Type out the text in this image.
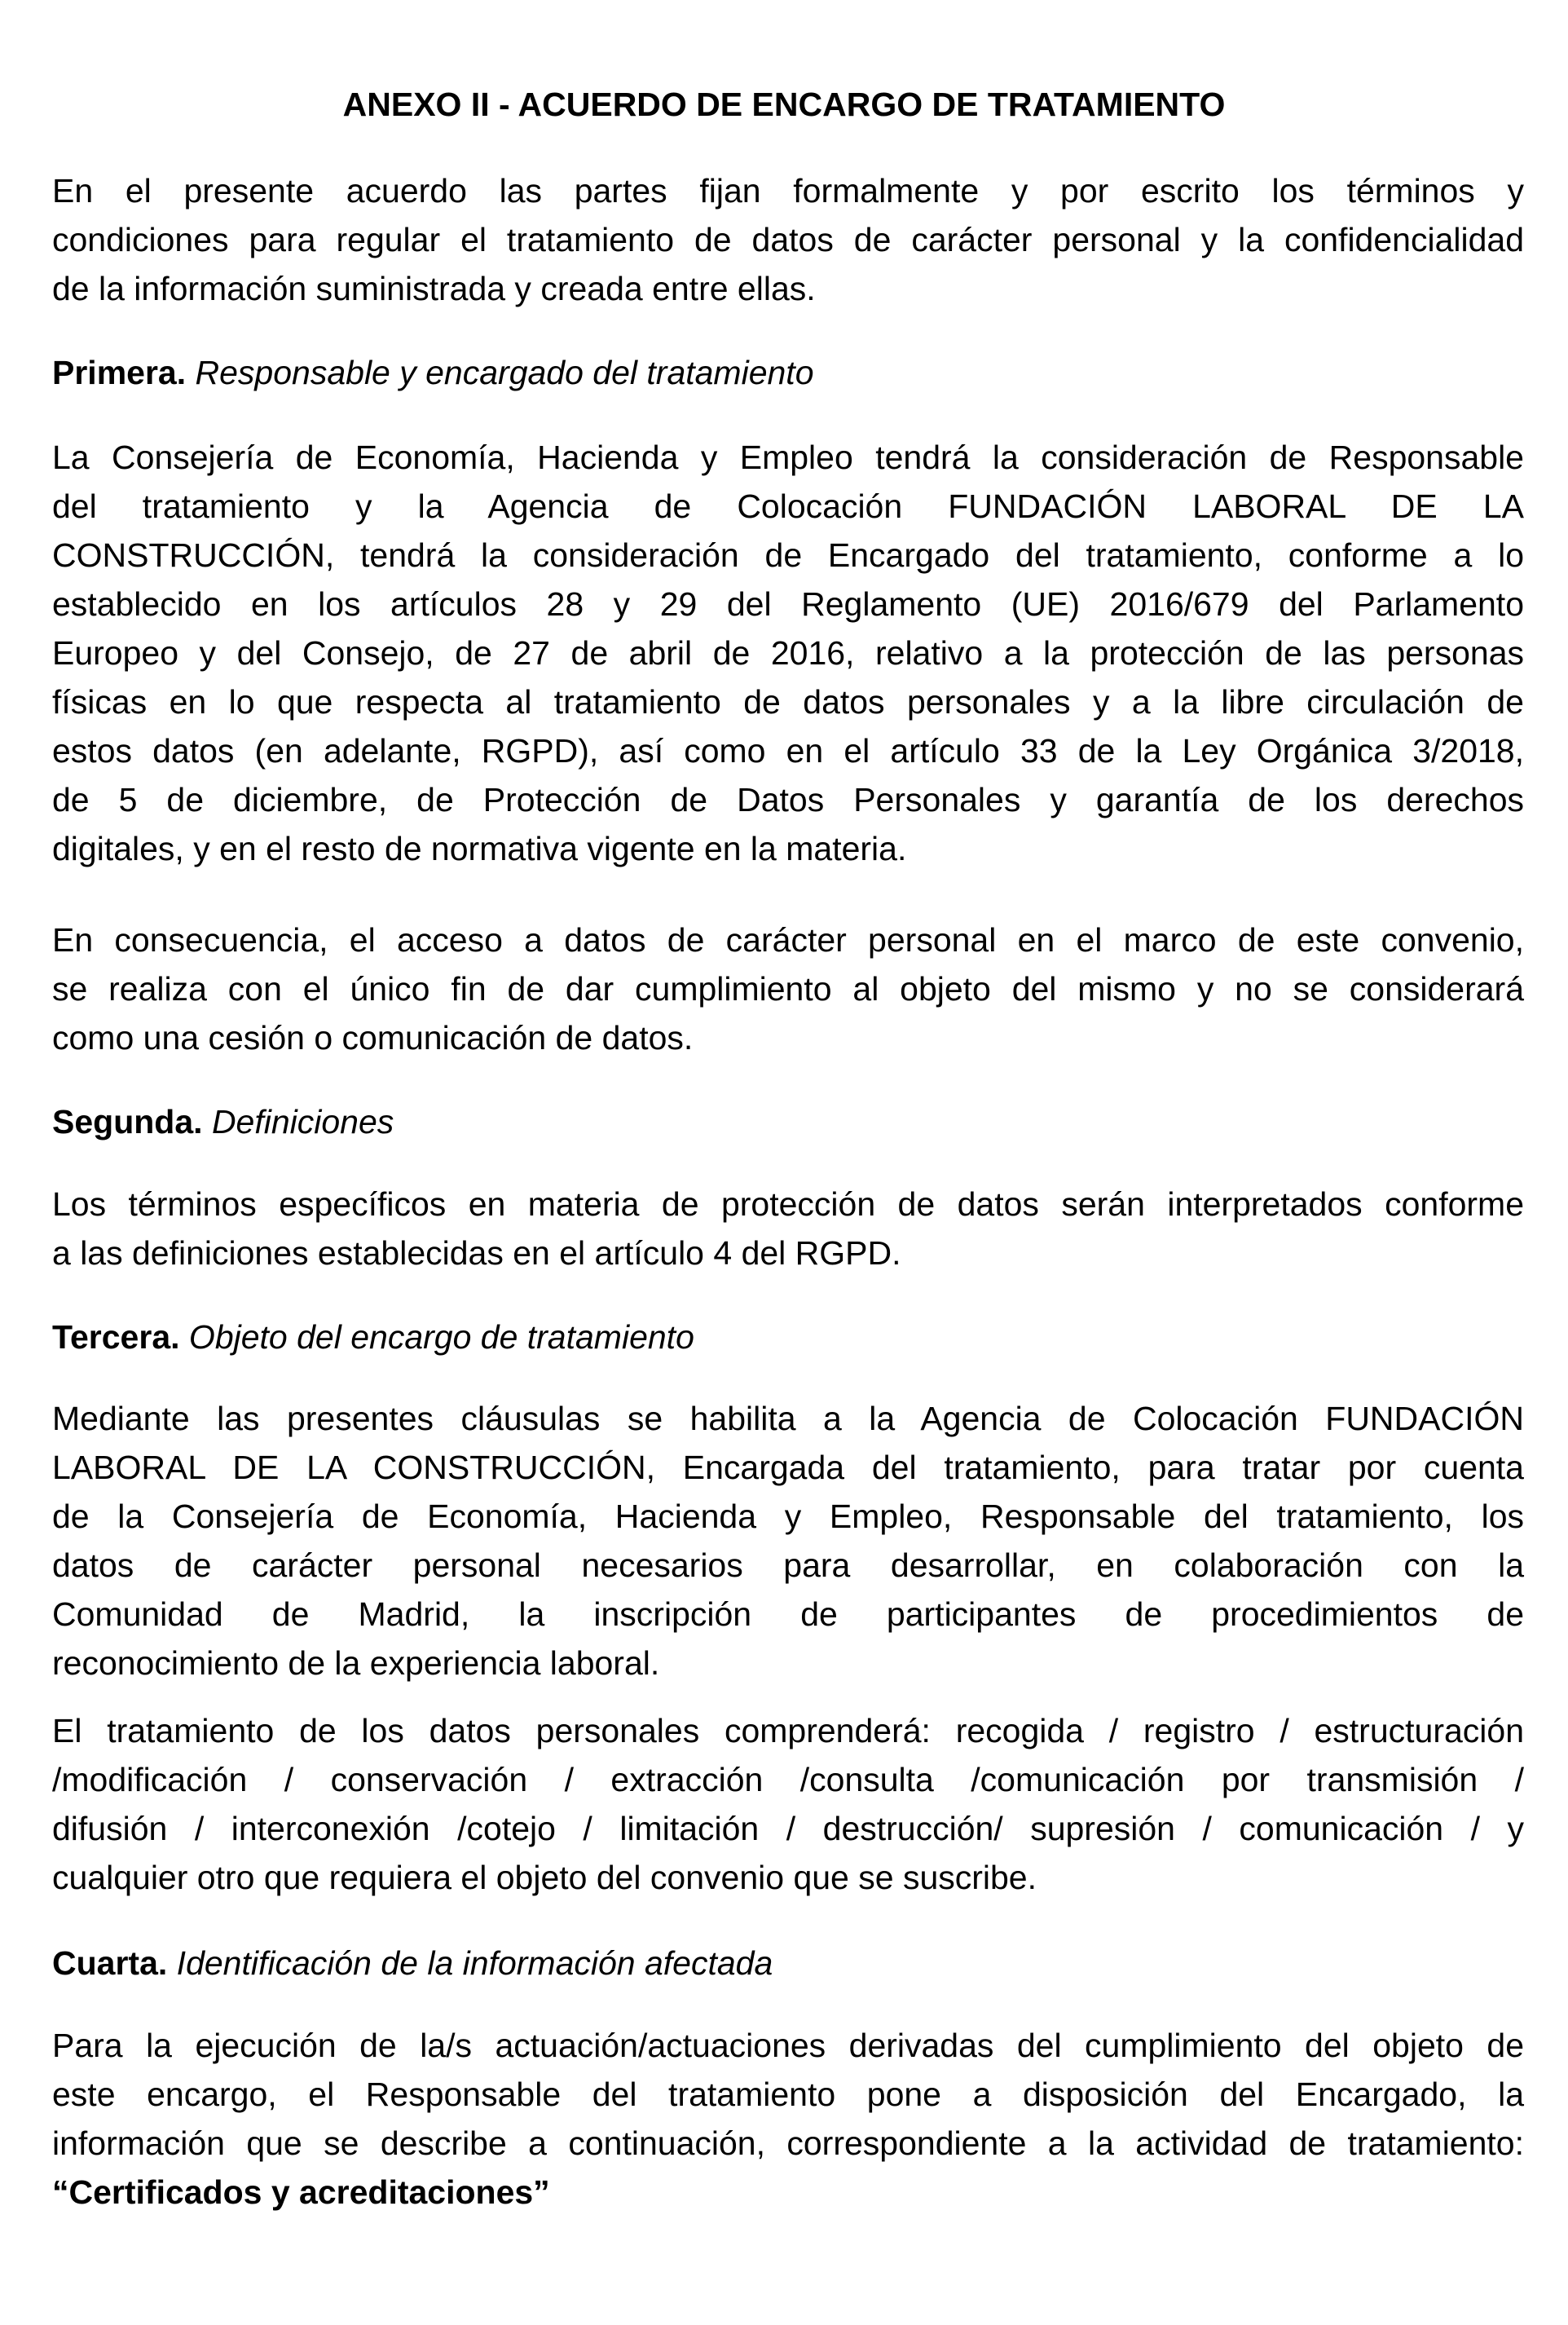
ANEXO II - ACUERDO DE ENCARGO DE TRATAMIENTO
En el presente acuerdo las partes fijan formalmente y por escrito los términos y
condiciones para regular el tratamiento de datos de carácter personal y la confidencialidad
de la información suministrada y creada entre ellas.
Primera. Responsable y encargado del tratamiento
La Consejería de Economía, Hacienda y Empleo tendrá la consideración de Responsable
del tratamiento y la Agencia de Colocación FUNDACIÓN LABORAL DE LA
CONSTRUCCIÓN, tendrá la consideración de Encargado del tratamiento, conforme a lo
establecido en los artículos 28 y 29 del Reglamento (UE) 2016/679 del Parlamento
Europeo y del Consejo, de 27 de abril de 2016, relativo a la protección de las personas
físicas en lo que respecta al tratamiento de datos personales y a la libre circulación de
estos datos (en adelante, RGPD), así como en el artículo 33 de la Ley Orgánica 3/2018,
de 5 de diciembre, de Protección de Datos Personales y garantía de los derechos
digitales, y en el resto de normativa vigente en la materia.
En consecuencia, el acceso a datos de carácter personal en el marco de este convenio,
se realiza con el único fin de dar cumplimiento al objeto del mismo y no se considerará
como una cesión o comunicación de datos.
Segunda. Definiciones
Los términos específicos en materia de protección de datos serán interpretados conforme
a las definiciones establecidas en el artículo 4 del RGPD.
Tercera. Objeto del encargo de tratamiento
Mediante las presentes cláusulas se habilita a la Agencia de Colocación FUNDACIÓN
LABORAL DE LA CONSTRUCCIÓN, Encargada del tratamiento, para tratar por cuenta
de la Consejería de Economía, Hacienda y Empleo, Responsable del tratamiento, los
datos de carácter personal necesarios para desarrollar, en colaboración con la
Comunidad de Madrid, la inscripción de participantes de procedimientos de
reconocimiento de la experiencia laboral.
El tratamiento de los datos personales comprenderá: recogida / registro / estructuración
/modificación / conservación / extracción /consulta /comunicación por transmisión /
difusión / interconexión /cotejo / limitación / destrucción/ supresión / comunicación / y
cualquier otro que requiera el objeto del convenio que se suscribe.
Cuarta. Identificación de la información afectada
Para la ejecución de la/s actuación/actuaciones derivadas del cumplimiento del objeto de
este encargo, el Responsable del tratamiento pone a disposición del Encargado, la
información que se describe a continuación, correspondiente a la actividad de tratamiento:
“Certificados y acreditaciones”
